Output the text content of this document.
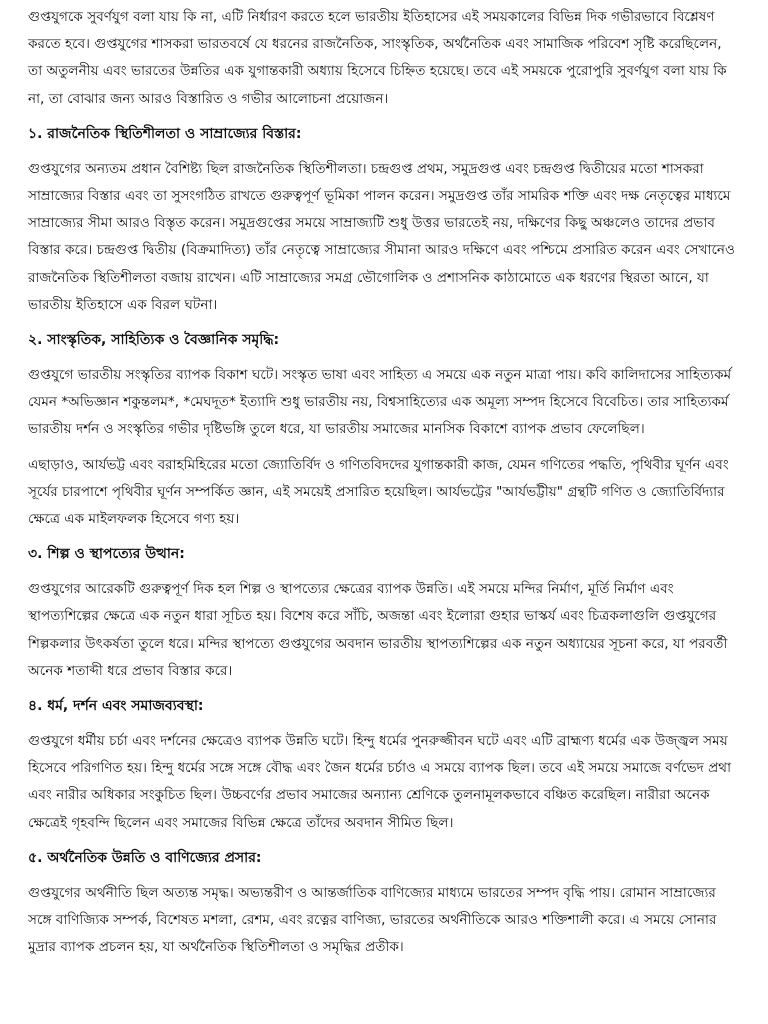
গুপ্তযুগকে সুবর্ণযুগ বলা যায় কি না, এটি নির্ধারণ করতে হলে ভারতীয় ইতিহাসের এই সময়কালের বিভিন্ন দিক গভীরভাবে বিশ্লেষণ করতে হবে। গুপ্তযুগের শাসকরা ভারতবর্ষে যে ধরনের রাজনৈতিক, সাংস্কৃতিক, অর্থনৈতিক এবং সামাজিক পরিবেশ সৃষ্টি করেছিলেন, তা অতুলনীয় এবং ভারতের উন্নতির এক যুগান্তকারী অধ্যায় হিসেবে চিহ্নিত হয়েছে। তবে এই সময়কে পুরোপুরি সুবর্ণযুগ বলা যায় কি না, তা বোঝার জন্য আরও বিস্তারিত ও গভীর আলোচনা প্রয়োজন।

১. রাজনৈতিক স্থিতিশীলতা ও সাম্রাজ্যের বিস্তার:

গুপ্তযুগের অন্যতম প্রধান বৈশিষ্ট্য ছিল রাজনৈতিক স্থিতিশীলতা। চন্দ্রগুপ্ত প্রথম, সমুদ্রগুপ্ত এবং চন্দ্রগুপ্ত দ্বিতীয়ের মতো শাসকরা সাম্রাজ্যের বিস্তার এবং তা সুসংগঠিত রাখতে গুরুত্বপূর্ণ ভূমিকা পালন করেন। সমুদ্রগুপ্ত তাঁর সামরিক শক্তি এবং দক্ষ নেতৃত্বের মাধ্যমে সাম্রাজ্যের সীমা আরও বিস্তৃত করেন। সমুদ্রগুপ্তের সময়ে সাম্রাজ্যটি শুধু উত্তর ভারতেই নয়, দক্ষিণের কিছু অঞ্চলেও তাদের প্রভাব বিস্তার করে। চন্দ্রগুপ্ত দ্বিতীয় (বিক্রমাদিত্য) তাঁর নেতৃত্বে সাম্রাজ্যের সীমানা আরও দক্ষিণে এবং পশ্চিমে প্রসারিত করেন এবং সেখানেও রাজনৈতিক স্থিতিশীলতা বজায় রাখেন। এটি সাম্রাজ্যের সমগ্র ভৌগোলিক ও প্রশাসনিক কাঠামোতে এক ধরণের স্থিরতা আনে, যা ভারতীয় ইতিহাসে এক বিরল ঘটনা।

২. সাংস্কৃতিক, সাহিত্যিক ও বৈজ্ঞানিক সমৃদ্ধি:

গুপ্তযুগে ভারতীয় সংস্কৃতির ব্যাপক বিকাশ ঘটে। সংস্কৃত ভাষা এবং সাহিত্য এ সময়ে এক নতুন মাত্রা পায়। কবি কালিদাসের সাহিত্যকর্ম যেমন *অভিজ্ঞান শকুন্তলম*, *মেঘদূত* ইত্যাদি শুধু ভারতীয় নয়, বিশ্বসাহিত্যের এক অমূল্য সম্পদ হিসেবে বিবেচিত। তার সাহিত্যকর্ম ভারতীয় দর্শন ও সংস্কৃতির গভীর দৃষ্টিভঙ্গি তুলে ধরে, যা ভারতীয় সমাজের মানসিক বিকাশে ব্যাপক প্রভাব ফেলেছিল।

এছাড়াও, আর্যভট্ট এবং বরাহমিহিরের মতো জ্যোতির্বিদ ও গণিতবিদদের যুগান্তকারী কাজ, যেমন গণিতের পদ্ধতি, পৃথিবীর ঘূর্ণন এবং সূর্যের চারপাশে পৃথিবীর ঘূর্ণন সম্পর্কিত জ্ঞান, এই সময়েই প্রসারিত হয়েছিল। আর্যভট্টের "আর্যভট্টীয়" গ্রন্থটি গণিত ও জ্যোতির্বিদ্যার ক্ষেত্রে এক মাইলফলক হিসেবে গণ্য হয়।

৩. শিল্প ও স্থাপত্যের উত্থান:

গুপ্তযুগের আরেকটি গুরুত্বপূর্ণ দিক হল শিল্প ও স্থাপত্যের ক্ষেত্রের ব্যাপক উন্নতি। এই সময়ে মন্দির নির্মাণ, মূর্তি নির্মাণ এবং স্থাপত্যশিল্পের ক্ষেত্রে এক নতুন ধারা সূচিত হয়। বিশেষ করে সাঁচি, অজন্তা এবং ইলোরা গুহার ভাস্কর্য এবং চিত্রকলাগুলি গুপ্তযুগের শিল্পকলার উৎকর্ষতা তুলে ধরে। মন্দির স্থাপত্যে গুপ্তযুগের অবদান ভারতীয় স্থাপত্যশিল্পের এক নতুন অধ্যায়ের সূচনা করে, যা পরবর্তী অনেক শতাব্দী ধরে প্রভাব বিস্তার করে।

৪. ধর্ম, দর্শন এবং সমাজব্যবস্থা:

গুপ্তযুগে ধর্মীয় চর্চা এবং দর্শনের ক্ষেত্রেও ব্যাপক উন্নতি ঘটে। হিন্দু ধর্মের পুনরুজ্জীবন ঘটে এবং এটি ব্রাহ্মণ্য ধর্মের এক উজ্জ্বল সময় হিসেবে পরিগণিত হয়। হিন্দু ধর্মের সঙ্গে সঙ্গে বৌদ্ধ এবং জৈন ধর্মের চর্চাও এ সময়ে ব্যাপক ছিল। তবে এই সময়ে সমাজে বর্ণভেদ প্রথা এবং নারীর অধিকার সংকুচিত ছিল। উচ্চবর্ণের প্রভাব সমাজের অন্যান্য শ্রেণিকে তুলনামূলকভাবে বঞ্চিত করেছিল। নারীরা অনেক ক্ষেত্রেই গৃহবন্দি ছিলেন এবং সমাজের বিভিন্ন ক্ষেত্রে তাঁদের অবদান সীমিত ছিল।

৫. অর্থনৈতিক উন্নতি ও বাণিজ্যের প্রসার:

গুপ্তযুগের অর্থনীতি ছিল অত্যন্ত সমৃদ্ধ। অভ্যন্তরীণ ও আন্তর্জাতিক বাণিজ্যের মাধ্যমে ভারতের সম্পদ বৃদ্ধি পায়। রোমান সাম্রাজ্যের সঙ্গে বাণিজ্যিক সম্পর্ক, বিশেষত মশলা, রেশম, এবং রত্নের বাণিজ্য, ভারতের অর্থনীতিকে আরও শক্তিশালী করে। এ সময়ে সোনার মুদ্রার ব্যাপক প্রচলন হয়, যা অর্থনৈতিক স্থিতিশীলতা ও সমৃদ্ধির প্রতীক।
